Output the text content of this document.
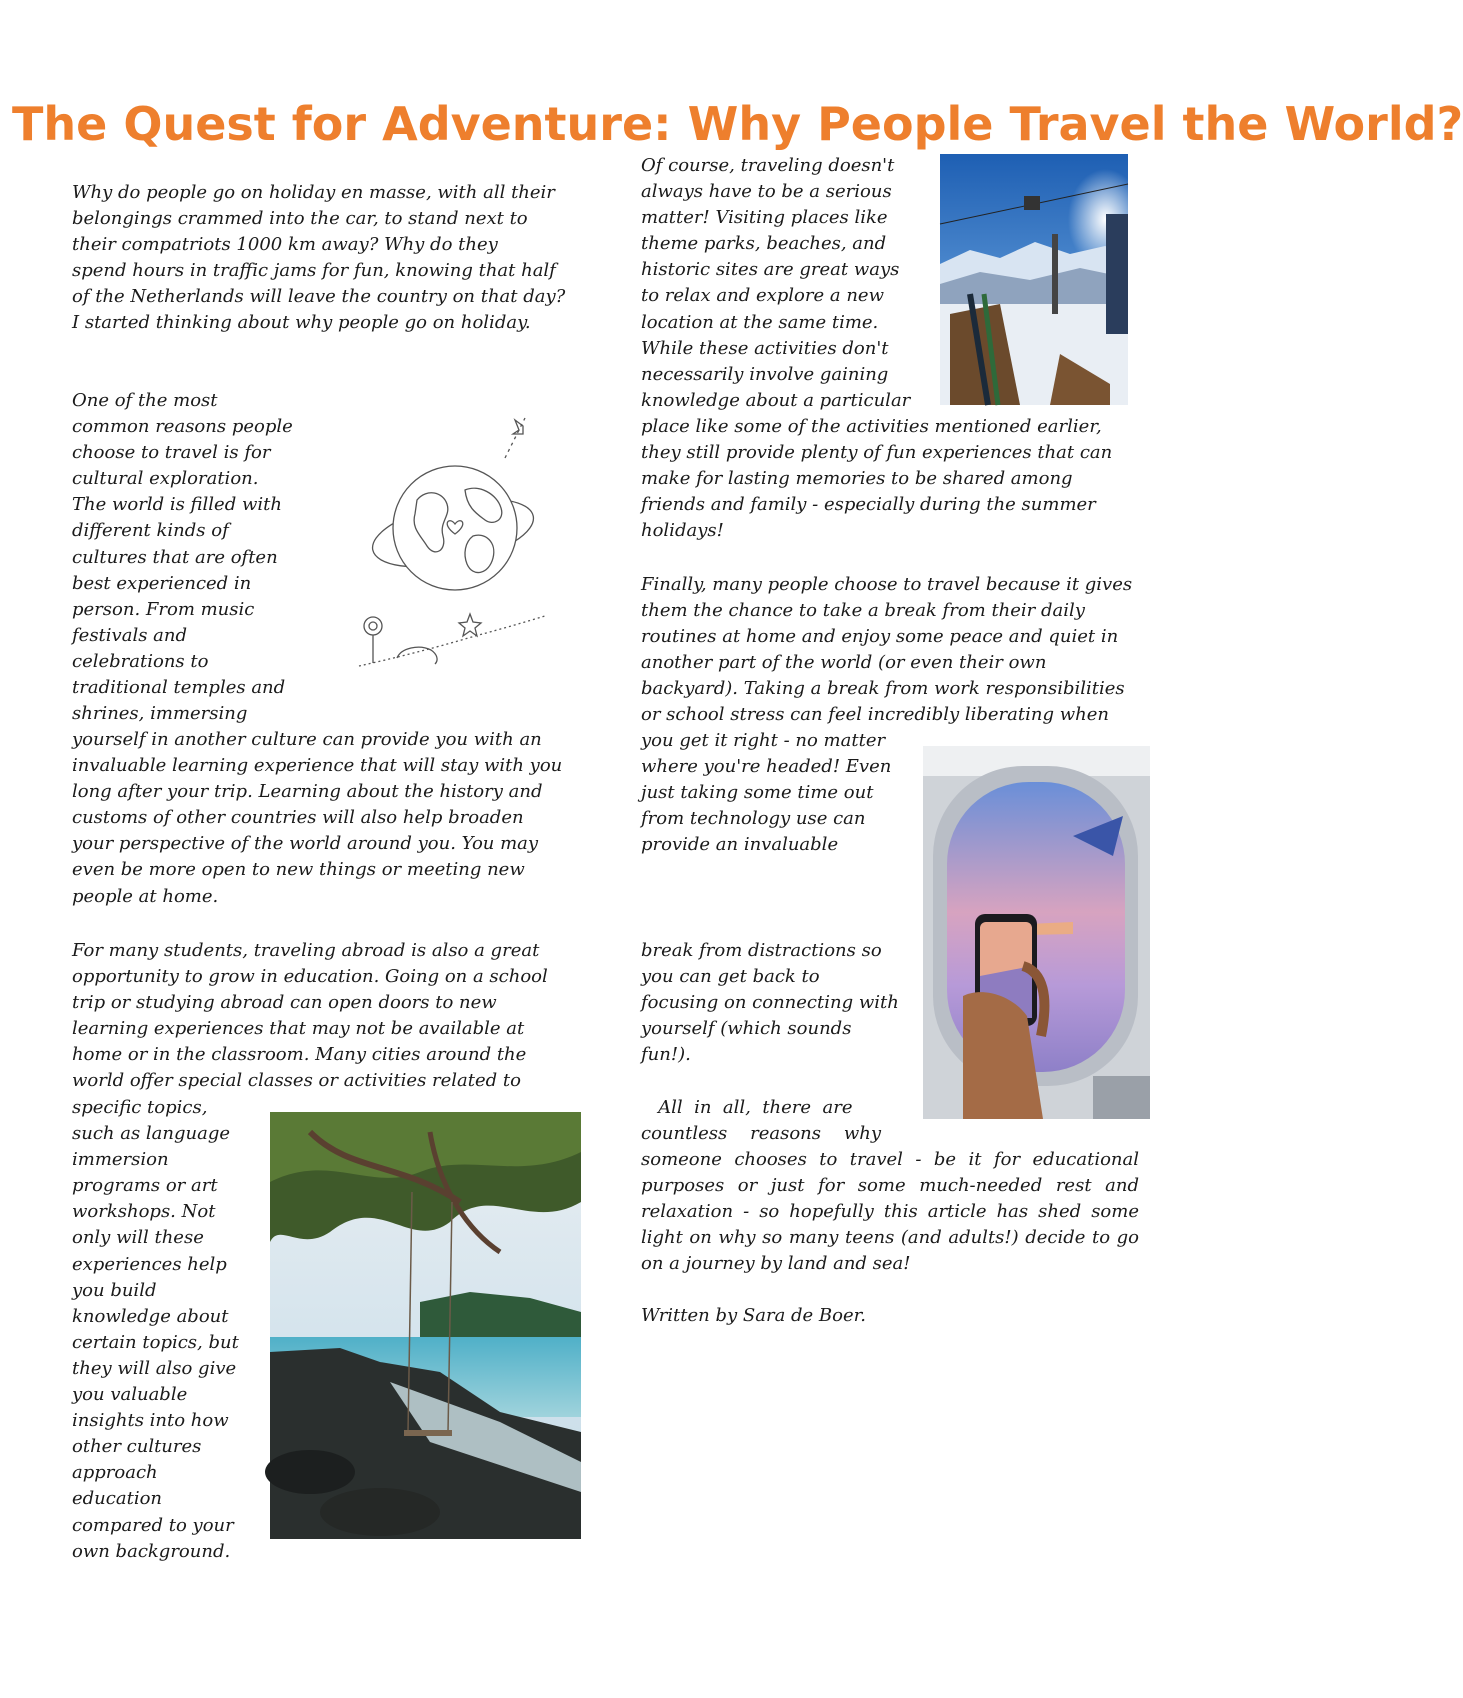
The Quest for Adventure: Why People Travel the World?

Why do people go on holiday en masse, with all their
belongings crammed into the car, to stand next to
their compatriots 1000 km away? Why do they
spend hours in traffic jams for fun, knowing that half
of the Netherlands will leave the country on that day?
I started thinking about why people go on holiday.

One of the most
common reasons people
choose to travel is for
cultural exploration.
The world is filled with
different kinds of
cultures that are often
best experienced in
person. From music
festivals and
celebrations to
traditional temples and
shrines, immersing

yourself in another culture can provide you with an
invaluable learning experience that will stay with you
long after your trip. Learning about the history and
customs of other countries will also help broaden
your perspective of the world around you. You may
even be more open to new things or meeting new
people at home.

For many students, traveling abroad is also a great
opportunity to grow in education. Going on a school
trip or studying abroad can open doors to new
learning experiences that may not be available at
home or in the classroom. Many cities around the
world offer special classes or activities related to

specific topics,
such as language
immersion
programs or art
workshops. Not
only will these
experiences help
you build
knowledge about
certain topics, but
they will also give
you valuable
insights into how
other cultures
approach
education
compared to your
own background.

Of course, traveling doesn't
always have to be a serious
matter! Visiting places like
theme parks, beaches, and
historic sites are great ways
to relax and explore a new
location at the same time.
While these activities don't
necessarily involve gaining
knowledge about a particular

place like some of the activities mentioned earlier,
they still provide plenty of fun experiences that can
make for lasting memories to be shared among
friends and family - especially during the summer
holidays!

Finally, many people choose to travel because it gives
them the chance to take a break from their daily
routines at home and enjoy some peace and quiet in
another part of the world (or even their own
backyard). Taking a break from work responsibilities
or school stress can feel incredibly liberating when

you get it right - no matter
where you're headed! Even
just taking some time out
from technology use can
provide an invaluable

break from distractions so
you can get back to
focusing on connecting with
yourself (which sounds
fun!).

All  in  all,  there  are
countless    reasons    why

someone chooses to travel - be it for educational purposes or just for some much-needed rest and relaxation - so hopefully this article has shed some light on why so many teens (and adults!) decide to go on a journey by land and sea!

Written by Sara de Boer.
